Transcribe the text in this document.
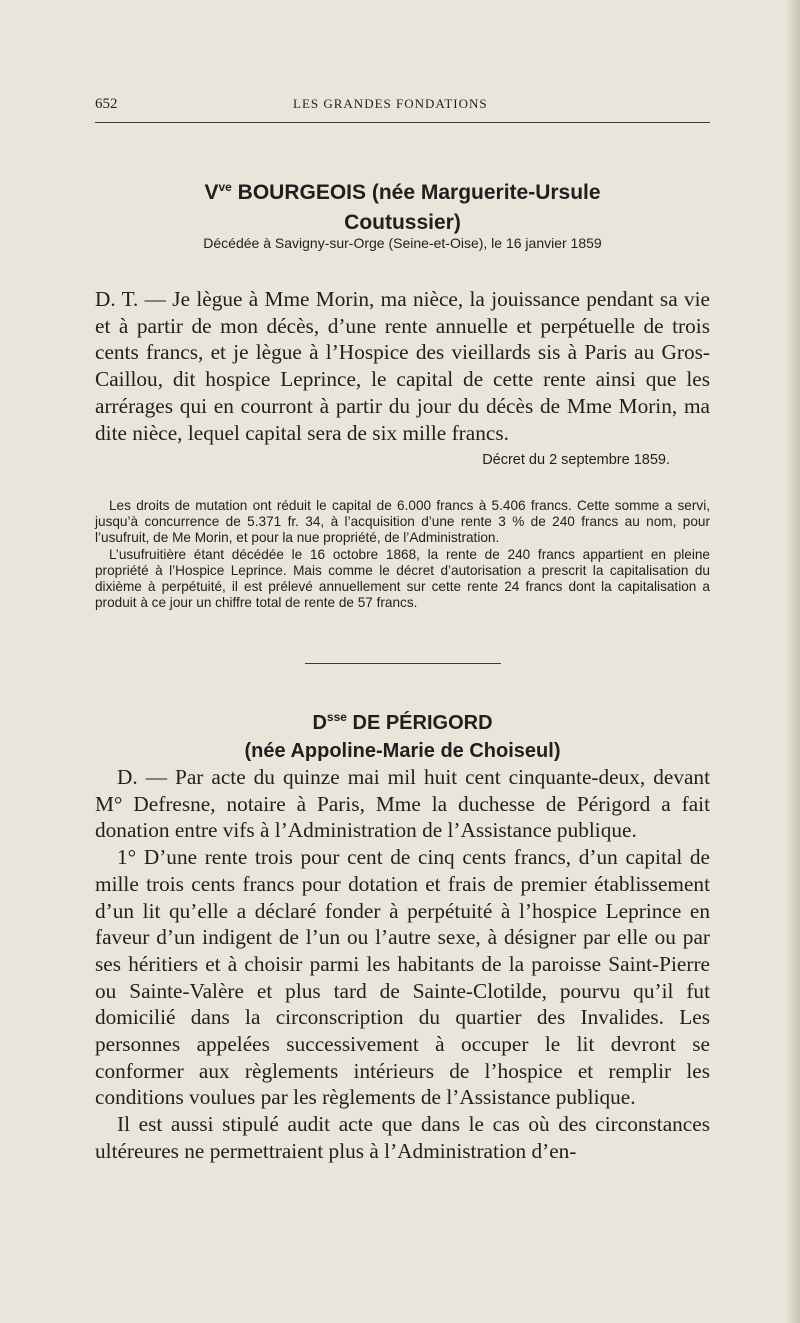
652	LES GRANDES FONDATIONS
$V^{ve}$ BOURGEOIS (née Marguerite-Ursule
Coutussier)
Décédée à Savigny-sur-Orge (Seine-et-Oise), le 16 janvier 1859

D. T. — Je lègue à Mme Morin, ma nièce, la jouissance pendant sa vie et à partir de mon décès, d’une rente annuelle et perpétuelle de trois cents francs, et je lègue à l’Hospice des vieillards sis à Paris au Gros-Caillou, dit hospice Leprince, le capital de cette rente ainsi que les arrérages qui en courront à partir du jour du décès de Mme Morin, ma dite nièce, lequel capital sera de six mille francs.

Décret du 2 septembre 1859.

Les droits de mutation ont réduit le capital de 6.000 francs à 5.406 francs. Cette somme a servi, jusqu’à concurrence de 5.371 fr. 34, à l’acquisition d’une rente 3 % de 240 francs au nom, pour l’usufruit, de Me Morin, et pour la nue propriété, de l’Administration.

L’usufruitière étant décédée le 16 octobre 1868, la rente de 240 francs appartient en pleine propriété à l’Hospice Leprince. Mais comme le décret d’autorisation a prescrit la capitalisation du dixième à perpétuité, il est prélevé annuellement sur cette rente 24 francs dont la capitalisation a produit à ce jour un chiffre total de rente de 57 francs.

$D^{sse}$ DE PÉRIGORD
(née Appoline-Marie de Choiseul)

D. — Par acte du quinze mai mil huit cent cinquante-deux, devant M° Defresne, notaire à Paris, Mme la duchesse de Périgord a fait donation entre vifs à l’Administration de l’Assistance publique.

1° D’une rente trois pour cent de cinq cents francs, d’un capital de mille trois cents francs pour dotation et frais de premier établissement d’un lit qu’elle a déclaré fonder à perpétuité à l’hospice Leprince en faveur d’un indigent de l’un ou l’autre sexe, à désigner par elle ou par ses héritiers et à choisir parmi les habitants de la paroisse Saint-Pierre ou Sainte-Valère et plus tard de Sainte-Clotilde, pourvu qu’il fut domicilié dans la circonscription du quartier des Invalides. Les personnes appelées successivement à occuper le lit devront se conformer aux règlements intérieurs de l’hospice et remplir les conditions voulues par les règlements de l’Assistance publique.

Il est aussi stipulé audit acte que dans le cas où des circonstances ultéreures ne permettraient plus à l’Administration d’en-
